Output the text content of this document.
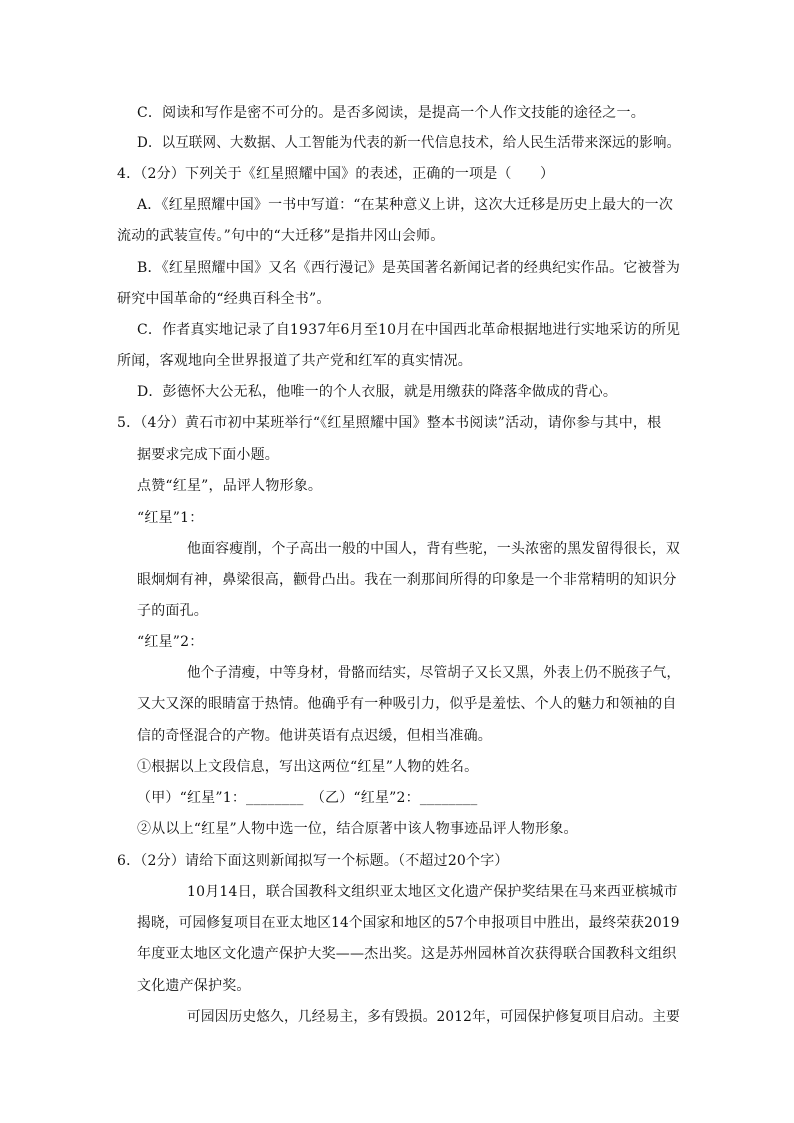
C．阅读和写作是密不可分的。是否多阅读，是提高一个人作文技能的途径之一。
D．以互联网、大数据、人工智能为代表的新一代信息技术，给人民生活带来深远的影响。
4．（2分）下列关于《红星照耀中国》的表述，正确的一项是（　　）
A．《红星照耀中国》一书中写道：“在某种意义上讲，这次大迁移是历史上最大的一次
流动的武装宣传。”句中的“大迁移”是指井冈山会师。
B．《红星照耀中国》又名《西行漫记》是英国著名新闻记者的经典纪实作品。它被誉为
研究中国革命的“经典百科全书”。
C．作者真实地记录了自1937年6月至10月在中国西北革命根据地进行实地采访的所见
所闻，客观地向全世界报道了共产党和红军的真实情况。
D．彭德怀大公无私，他唯一的个人衣服，就是用缴获的降落伞做成的背心。
5．（4分）黄石市初中某班举行“《红星照耀中国》整本书阅读”活动，请你参与其中，根
据要求完成下面小题。
点赞“红星”，品评人物形象。
“红星”1：
他面容瘦削，个子高出一般的中国人，背有些驼，一头浓密的黑发留得很长，双
眼炯炯有神，鼻梁很高，颧骨凸出。我在一刹那间所得的印象是一个非常精明的知识分
子的面孔。
“红星”2：
他个子清瘦，中等身材，骨骼而结实，尽管胡子又长又黑，外表上仍不脱孩子气，
又大又深的眼睛富于热情。他确乎有一种吸引力，似乎是羞怯、个人的魅力和领袖的自
信的奇怪混合的产物。他讲英语有点迟缓，但相当准确。
①根据以上文段信息，写出这两位“红星”人物的姓名。
（甲）“红星”1：________　（乙）“红星”2：________
②从以上“红星”人物中选一位，结合原著中该人物事迹品评人物形象。
6．（2分）请给下面这则新闻拟写一个标题。（不超过20个字）
10月14日，联合国教科文组织亚太地区文化遗产保护奖结果在马来西亚槟城市
揭晓，可园修复项目在亚太地区14个国家和地区的57个申报项目中胜出，最终荣获2019
年度亚太地区文化遗产保护大奖——杰出奖。这是苏州园林首次获得联合国教科文组织
文化遗产保护奖。
可园因历史悠久，几经易主，多有毁损。2012年，可园保护修复项目启动。主要
